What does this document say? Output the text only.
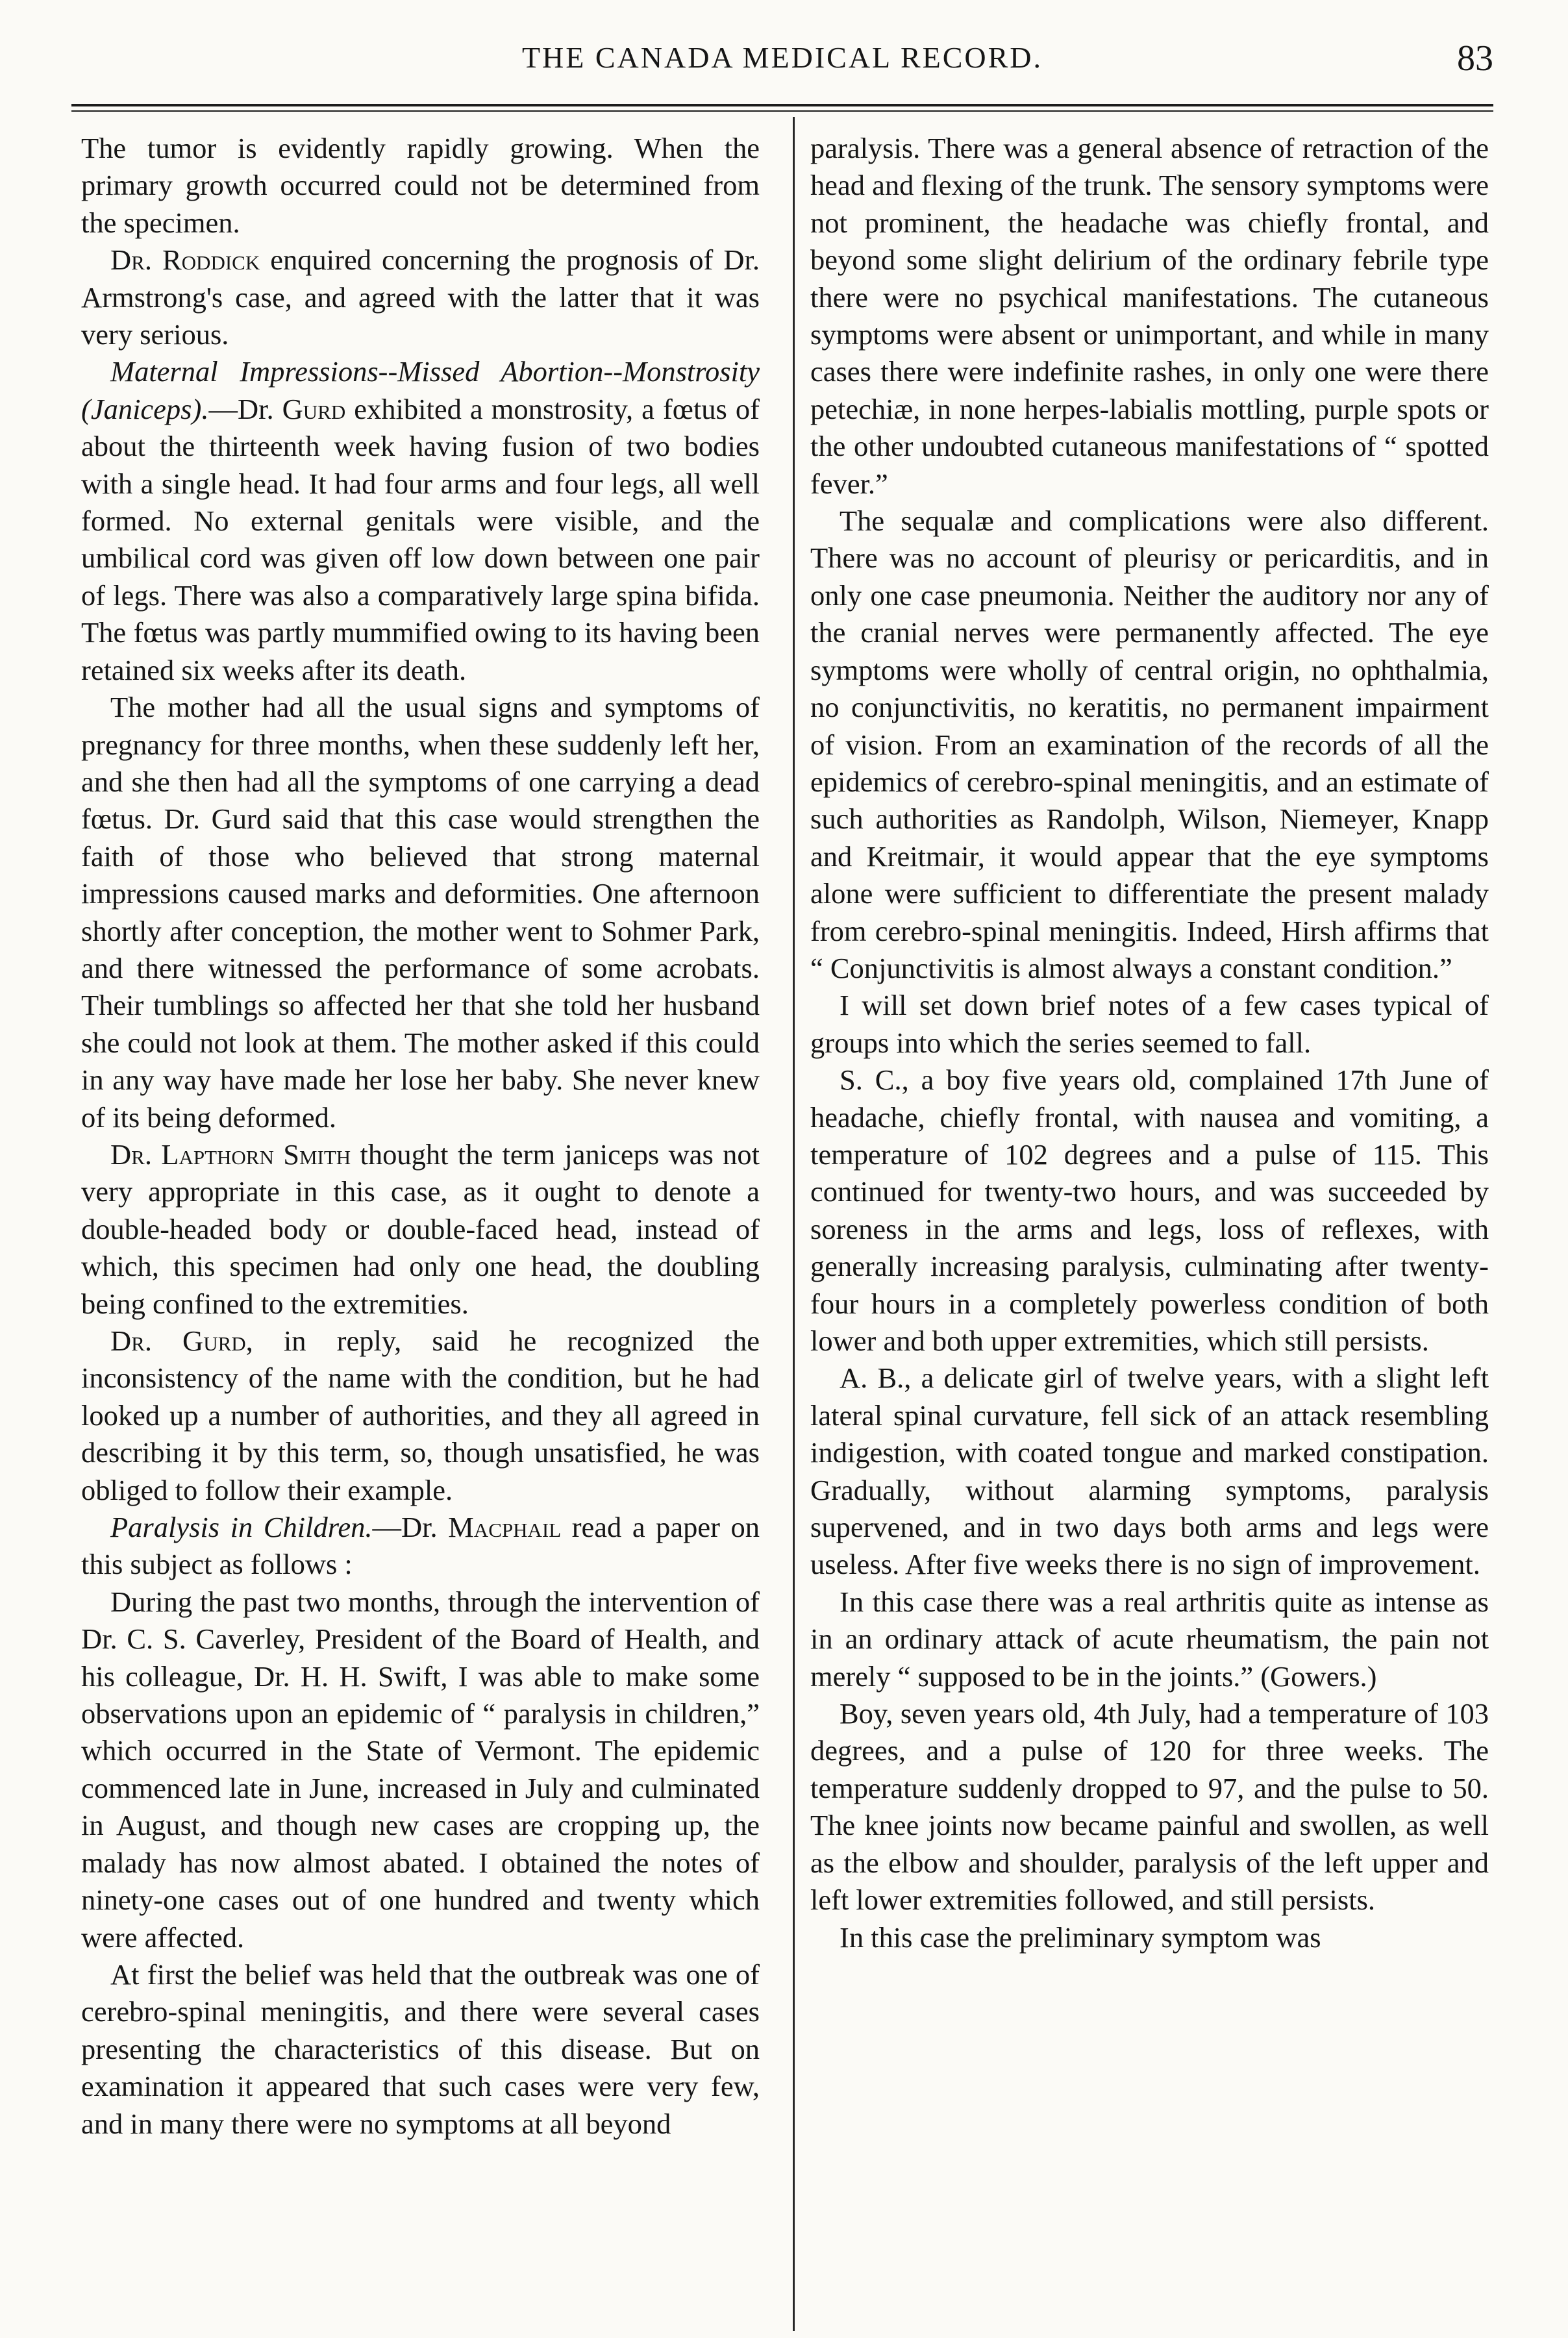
THE CANADA MEDICAL RECORD.	83

The tumor is evidently rapidly growing. When the primary growth occurred could not be determined from the specimen.

Dr. Roddick enquired concerning the prognosis of Dr. Armstrong's case, and agreed with the latter that it was very serious.

Maternal Impressions--Missed Abortion--Monstrosity (Janiceps).—Dr. Gurd exhibited a monstrosity, a fœtus of about the thirteenth week having fusion of two bodies with a single head. It had four arms and four legs, all well formed. No external genitals were visible, and the umbilical cord was given off low down between one pair of legs. There was also a comparatively large spina bifida. The fœtus was partly mummified owing to its having been retained six weeks after its death.

The mother had all the usual signs and symptoms of pregnancy for three months, when these suddenly left her, and she then had all the symptoms of one carrying a dead fœtus. Dr. Gurd said that this case would strengthen the faith of those who believed that strong maternal impressions caused marks and deformities. One afternoon shortly after conception, the mother went to Sohmer Park, and there witnessed the performance of some acrobats. Their tumblings so affected her that she told her husband she could not look at them. The mother asked if this could in any way have made her lose her baby. She never knew of its being deformed.

Dr. Lapthorn Smith thought the term janiceps was not very appropriate in this case, as it ought to denote a double-headed body or double-faced head, instead of which, this specimen had only one head, the doubling being confined to the extremities.

Dr. Gurd, in reply, said he recognized the inconsistency of the name with the condition, but he had looked up a number of authorities, and they all agreed in describing it by this term, so, though unsatisfied, he was obliged to follow their example.

Paralysis in Children.—Dr. Macphail read a paper on this subject as follows :

During the past two months, through the intervention of Dr. C. S. Caverley, President of the Board of Health, and his colleague, Dr. H. H. Swift, I was able to make some observations upon an epidemic of “ paralysis in children,” which occurred in the State of Vermont. The epidemic commenced late in June, increased in July and culminated in August, and though new cases are cropping up, the malady has now almost abated. I obtained the notes of ninety-one cases out of one hundred and twenty which were affected.

At first the belief was held that the outbreak was one of cerebro-spinal meningitis, and there were several cases presenting the characteristics of this disease. But on examination it appeared that such cases were very few, and in many there were no symptoms at all beyond

paralysis. There was a general absence of retraction of the head and flexing of the trunk. The sensory symptoms were not prominent, the headache was chiefly frontal, and beyond some slight delirium of the ordinary febrile type there were no psychical manifestations. The cutaneous symptoms were absent or unimportant, and while in many cases there were indefinite rashes, in only one were there petechiæ, in none herpes-labialis mottling, purple spots or the other undoubted cutaneous manifestations of “ spotted fever.”

The sequalæ and complications were also different. There was no account of pleurisy or pericarditis, and in only one case pneumonia. Neither the auditory nor any of the cranial nerves were permanently affected. The eye symptoms were wholly of central origin, no ophthalmia, no conjunctivitis, no keratitis, no permanent impairment of vision. From an examination of the records of all the epidemics of cerebro-spinal meningitis, and an estimate of such authorities as Randolph, Wilson, Niemeyer, Knapp and Kreitmair, it would appear that the eye symptoms alone were sufficient to differentiate the present malady from cerebro-spinal meningitis. Indeed, Hirsh affirms that “ Conjunctivitis is almost always a constant condition.”

I will set down brief notes of a few cases typical of groups into which the series seemed to fall.

S. C., a boy five years old, complained 17th June of headache, chiefly frontal, with nausea and vomiting, a temperature of 102 degrees and a pulse of 115. This continued for twenty-two hours, and was succeeded by soreness in the arms and legs, loss of reflexes, with generally increasing paralysis, culminating after twenty-four hours in a completely powerless condition of both lower and both upper extremities, which still persists.

A. B., a delicate girl of twelve years, with a slight left lateral spinal curvature, fell sick of an attack resembling indigestion, with coated tongue and marked constipation. Gradually, without alarming symptoms, paralysis supervened, and in two days both arms and legs were useless. After five weeks there is no sign of improvement.

In this case there was a real arthritis quite as intense as in an ordinary attack of acute rheumatism, the pain not merely “ supposed to be in the joints.” (Gowers.)

Boy, seven years old, 4th July, had a temperature of 103 degrees, and a pulse of 120 for three weeks. The temperature suddenly dropped to 97, and the pulse to 50. The knee joints now became painful and swollen, as well as the elbow and shoulder, paralysis of the left upper and left lower extremities followed, and still persists.

In this case the preliminary symptom was
